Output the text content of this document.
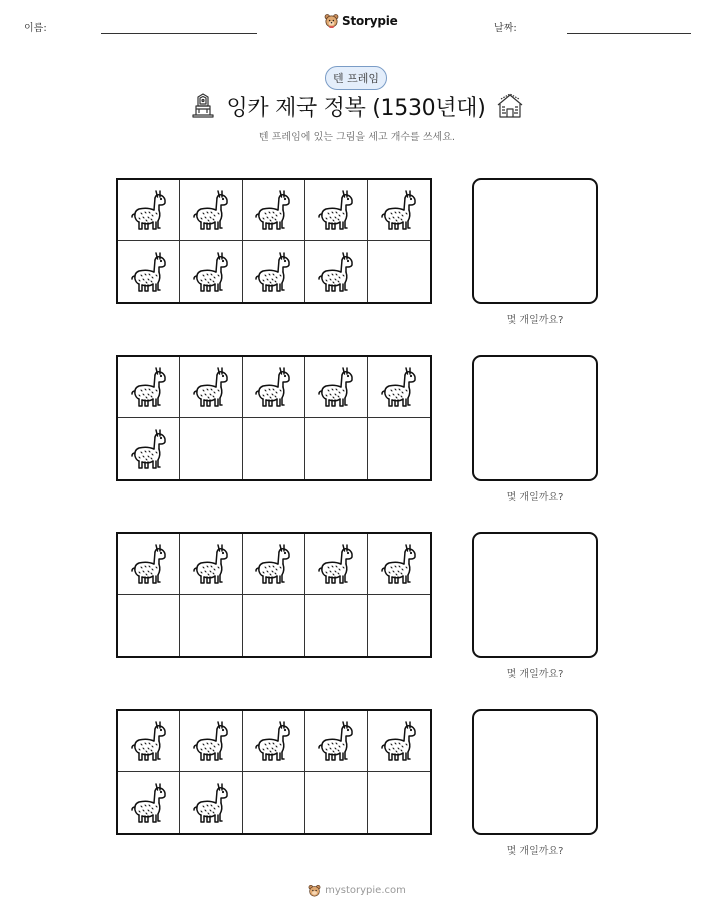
이름:
Storypie
날짜:
텐 프레임
잉카 제국 정복 (1530년대)
텐 프레임에 있는 그림을 세고 개수를 쓰세요.
몇 개일까요?
몇 개일까요?
몇 개일까요?
몇 개일까요?
mystorypie.com
